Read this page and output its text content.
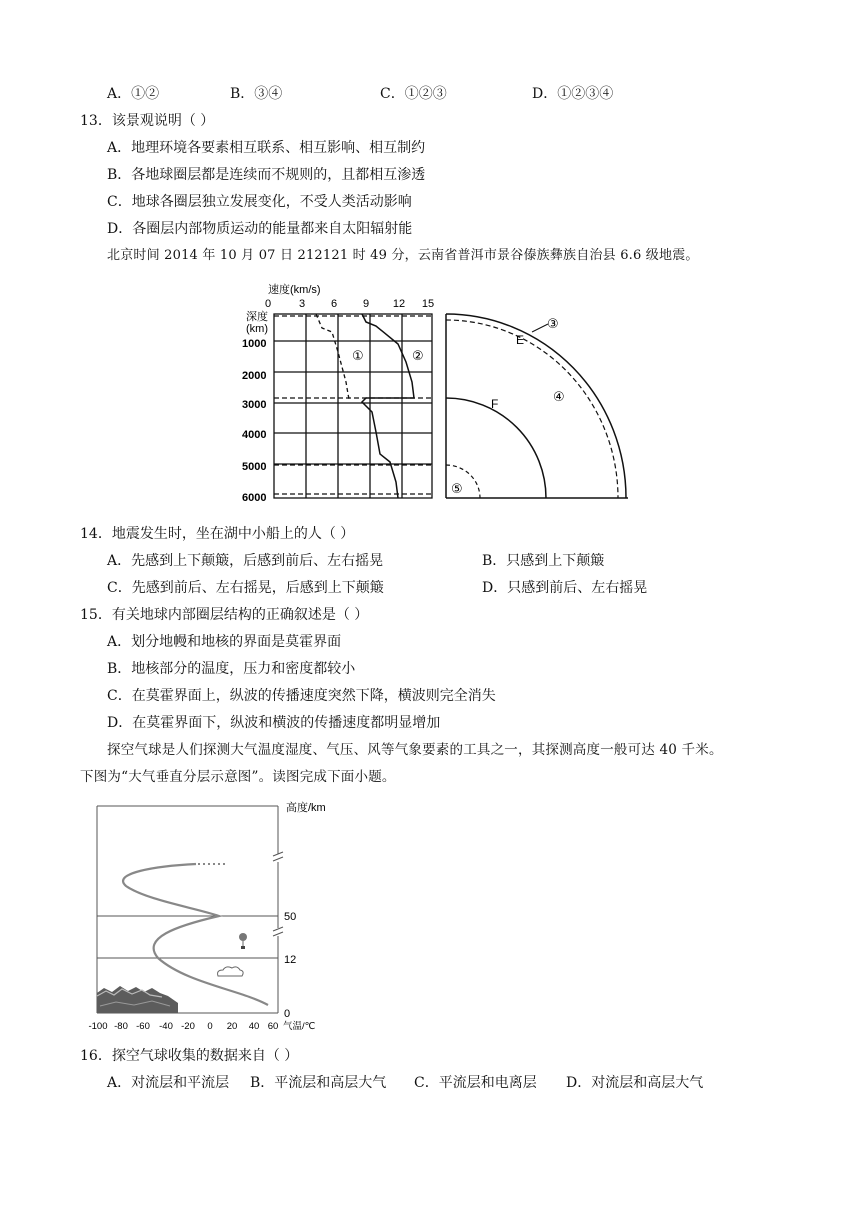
A．①②	B．③④	C．①②③	D．①②③④
13．该景观说明（ ）
A．地理环境各要素相互联系、相互影响、相互制约
B．各地球圈层都是连续而不规则的，且都相互渗透
C．地球各圈层独立发展变化，不受人类活动影响
D．各圈层内部物质运动的能量都来自太阳辐射能
北京时间 2014 年 10 月 07 日 212121 时 49 分，云南省普洱市景谷傣族彝族自治县 6.6 级地震。
速度(km/s)
0	3 6 9 12 15
深度
(km)
1000
2000
3000
4000
5000
6000
①	②
③
E
④
F
⑤
14．地震发生时，坐在湖中小船上的人（ ）
A．先感到上下颠簸，后感到前后、左右摇晃	B．只感到上下颠簸
C．先感到前后、左右摇晃，后感到上下颠簸	D．只感到前后、左右摇晃
15．有关地球内部圈层结构的正确叙述是（ ）
A．划分地幔和地核的界面是莫霍界面
B．地核部分的温度，压力和密度都较小
C．在莫霍界面上，纵波的传播速度突然下降，横波则完全消失
D．在莫霍界面下，纵波和横波的传播速度都明显增加
探空气球是人们探测大气温度湿度、气压、风等气象要素的工具之一，其探测高度一般可达 40 千米。
下图为“大气垂直分层示意图”。读图完成下面小题。
高度/km
50
12
0
-100 -80 -60 -40 -20 0 20 40 60 气温/℃
16．探空气球收集的数据来自（ ）
A．对流层和平流层 B．平流层和高层大气 C．平流层和电离层 D．对流层和高层大气
